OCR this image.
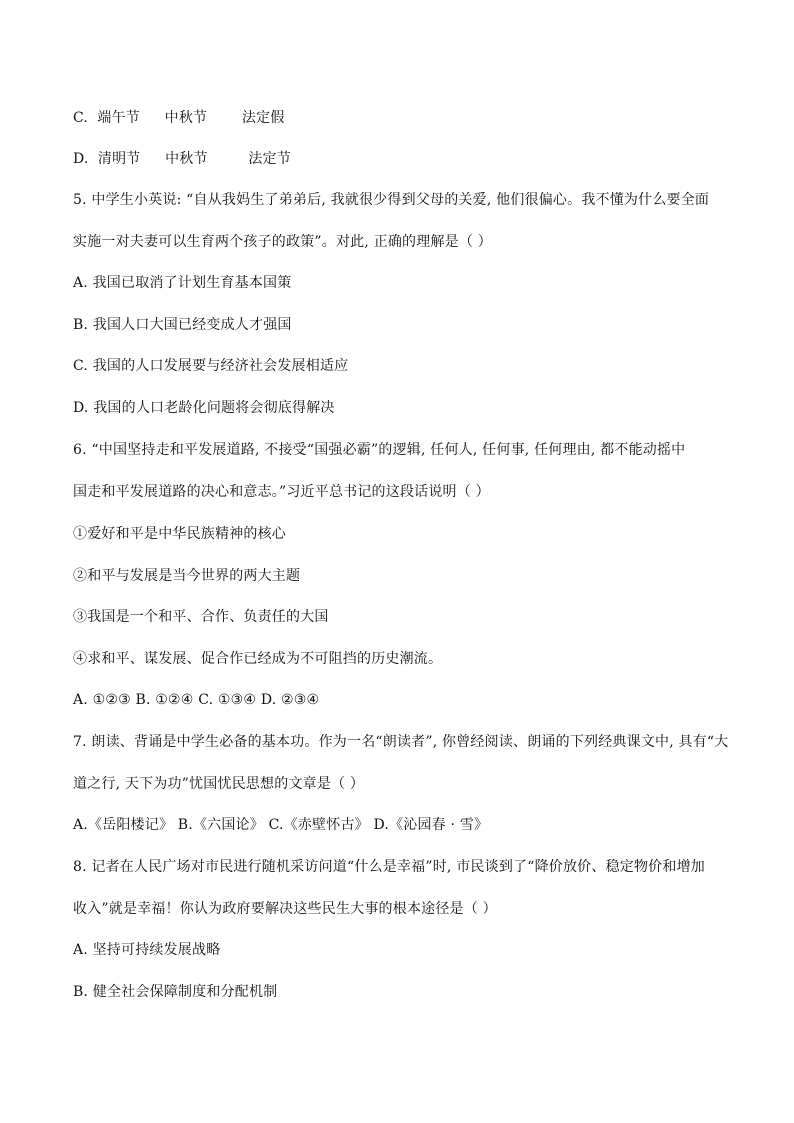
C. 端午节 中秋节 法定假
D. 清明节 中秋节	法定节
5. 中学生小英说: “自从我妈生了弟弟后, 我就很少得到父母的关爱, 他们很偏心。我不懂为什么要全面
实施一对夫妻可以生育两个孩子的政策”。对此, 正确的理解是（ ）
A. 我国已取消了计划生育基本国策
B. 我国人口大国已经变成人才强国
C. 我国的人口发展要与经济社会发展相适应
D. 我国的人口老龄化问题将会彻底得解决
6. “中国坚持走和平发展道路, 不接受“国强必霸”的逻辑, 任何人, 任何事, 任何理由, 都不能动摇中
国走和平发展道路的决心和意志。”习近平总书记的这段话说明（ ）
①爱好和平是中华民族精神的核心
②和平与发展是当今世界的两大主题
③我国是一个和平、合作、负责任的大国
④求和平、谋发展、促合作已经成为不可阻挡的历史潮流。
A. ①②③ B. ①②④ C. ①③④ D. ②③④
7. 朗读、背诵是中学生必备的基本功。作为一名“朗读者”, 你曾经阅读、朗诵的下列经典课文中, 具有“大
道之行, 天下为功”忧国忧民思想的文章是（ ）
A.《岳阳楼记》 B.《六国论》 C.《赤壁怀古》 D.《沁园春 · 雪》
8. 记者在人民广场对市民进行随机采访问道“什么是幸福”时, 市民谈到了“降价放价、稳定物价和增加
收入”就是幸福！你认为政府要解决这些民生大事的根本途径是（ ）
A. 坚持可持续发展战略
B. 健全社会保障制度和分配机制
